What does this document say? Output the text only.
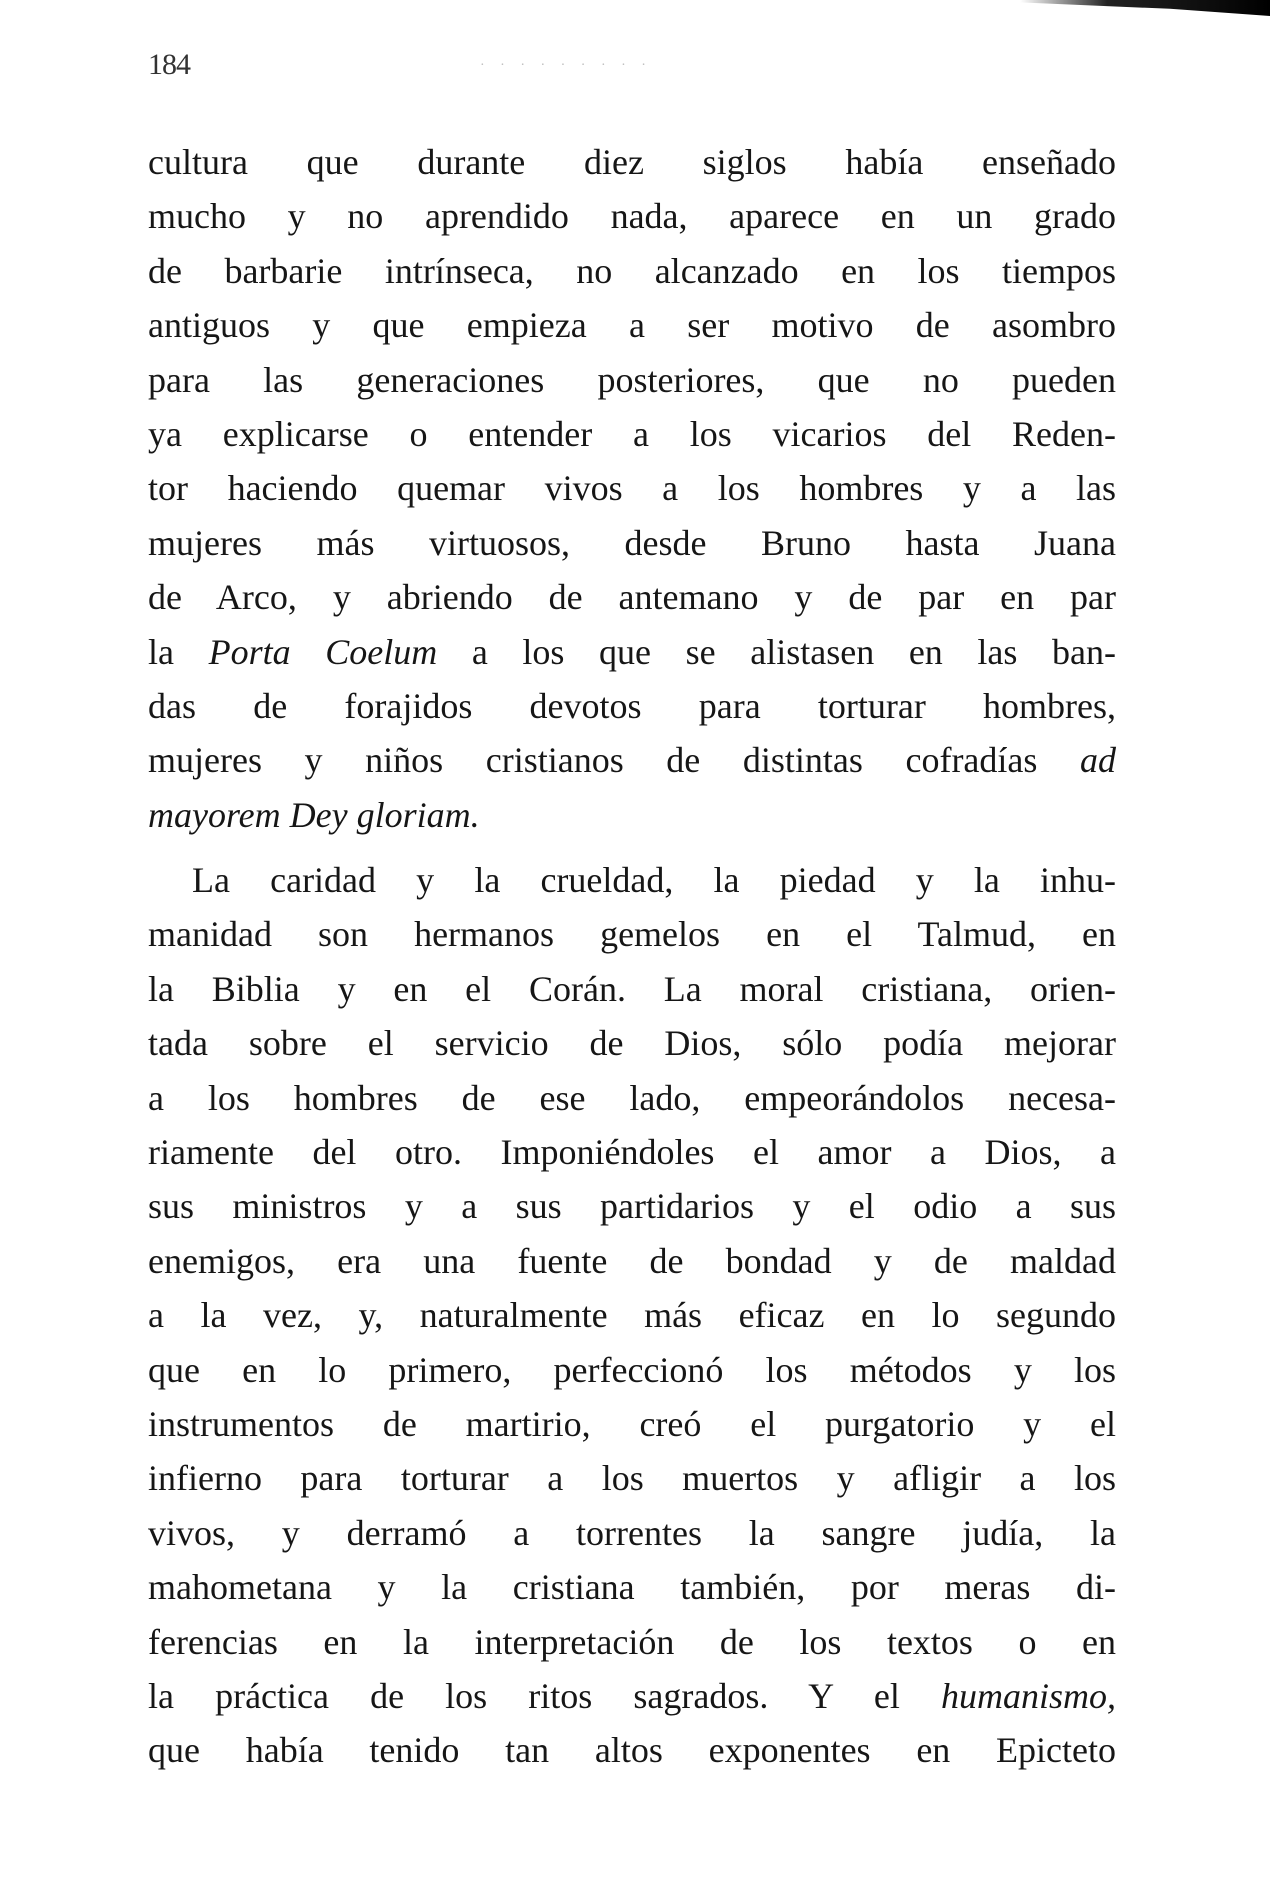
184	· · · · · · · · ·
cultura que durante diez siglos había enseñado
mucho y no aprendido nada, aparece en un grado
de barbarie intrínseca, no alcanzado en los tiempos
antiguos y que empieza a ser motivo de asombro
para las generaciones posteriores, que no pueden
ya explicarse o entender a los vicarios del Reden-
tor haciendo quemar vivos a los hombres y a las
mujeres más virtuosos, desde Bruno hasta Juana
de Arco, y abriendo de antemano y de par en par
la Porta Coelum a los que se alistasen en las ban-
das de forajidos devotos para torturar hombres,
mujeres y niños cristianos de distintas cofradías ad
mayorem Dey gloriam.
La caridad y la crueldad, la piedad y la inhu-
manidad son hermanos gemelos en el Talmud, en
la Biblia y en el Corán. La moral cristiana, orien-
tada sobre el servicio de Dios, sólo podía mejorar
a los hombres de ese lado, empeorándolos necesa-
riamente del otro. Imponiéndoles el amor a Dios, a
sus ministros y a sus partidarios y el odio a sus
enemigos, era una fuente de bondad y de maldad
a la vez, y, naturalmente más eficaz en lo segundo
que en lo primero, perfeccionó los métodos y los
instrumentos de martirio, creó el purgatorio y el
infierno para torturar a los muertos y afligir a los
vivos, y derramó a torrentes la sangre judía, la
mahometana y la cristiana también, por meras di-
ferencias en la interpretación de los textos o en
la práctica de los ritos sagrados. Y el humanismo,
que había tenido tan altos exponentes en Epicteto
